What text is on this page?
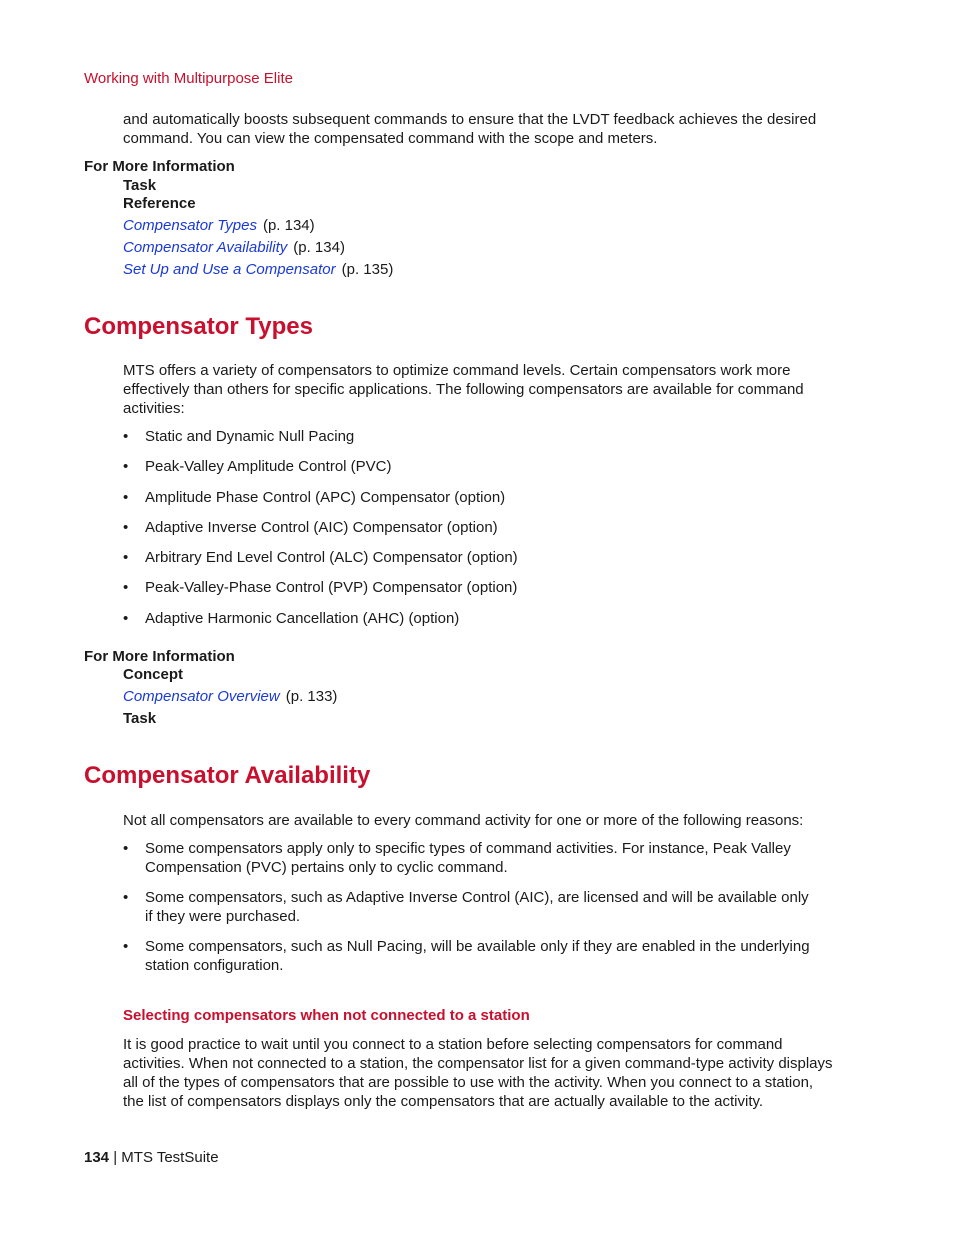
Working with Multipurpose Elite
and automatically boosts subsequent commands to ensure that the LVDT feedback achieves the desired
command. You can view the compensated command with the scope and meters.
For More Information
Task
Reference
Compensator Types (p. 134)
Compensator Availability (p. 134)
Set Up and Use a Compensator (p. 135)
Compensator Types
MTS offers a variety of compensators to optimize command levels. Certain compensators work more
effectively than others for specific applications. The following compensators are available for command
activities:
• Static and Dynamic Null Pacing
• Peak-Valley Amplitude Control (PVC)
• Amplitude Phase Control (APC) Compensator (option)
• Adaptive Inverse Control (AIC) Compensator (option)
• Arbitrary End Level Control (ALC) Compensator (option)
• Peak-Valley-Phase Control (PVP) Compensator (option)
• Adaptive Harmonic Cancellation (AHC) (option)
For More Information
Concept
Compensator Overview (p. 133)
Task
Compensator Availability
Not all compensators are available to every command activity for one or more of the following reasons:
• Some compensators apply only to specific types of command activities. For instance, Peak Valley
Compensation (PVC) pertains only to cyclic command.
• Some compensators, such as Adaptive Inverse Control (AIC), are licensed and will be available only
if they were purchased.
• Some compensators, such as Null Pacing, will be available only if they are enabled in the underlying
station configuration.
Selecting compensators when not connected to a station
It is good practice to wait until you connect to a station before selecting compensators for command
activities. When not connected to a station, the compensator list for a given command-type activity displays
all of the types of compensators that are possible to use with the activity. When you connect to a station,
the list of compensators displays only the compensators that are actually available to the activity.
134 | MTS TestSuite
